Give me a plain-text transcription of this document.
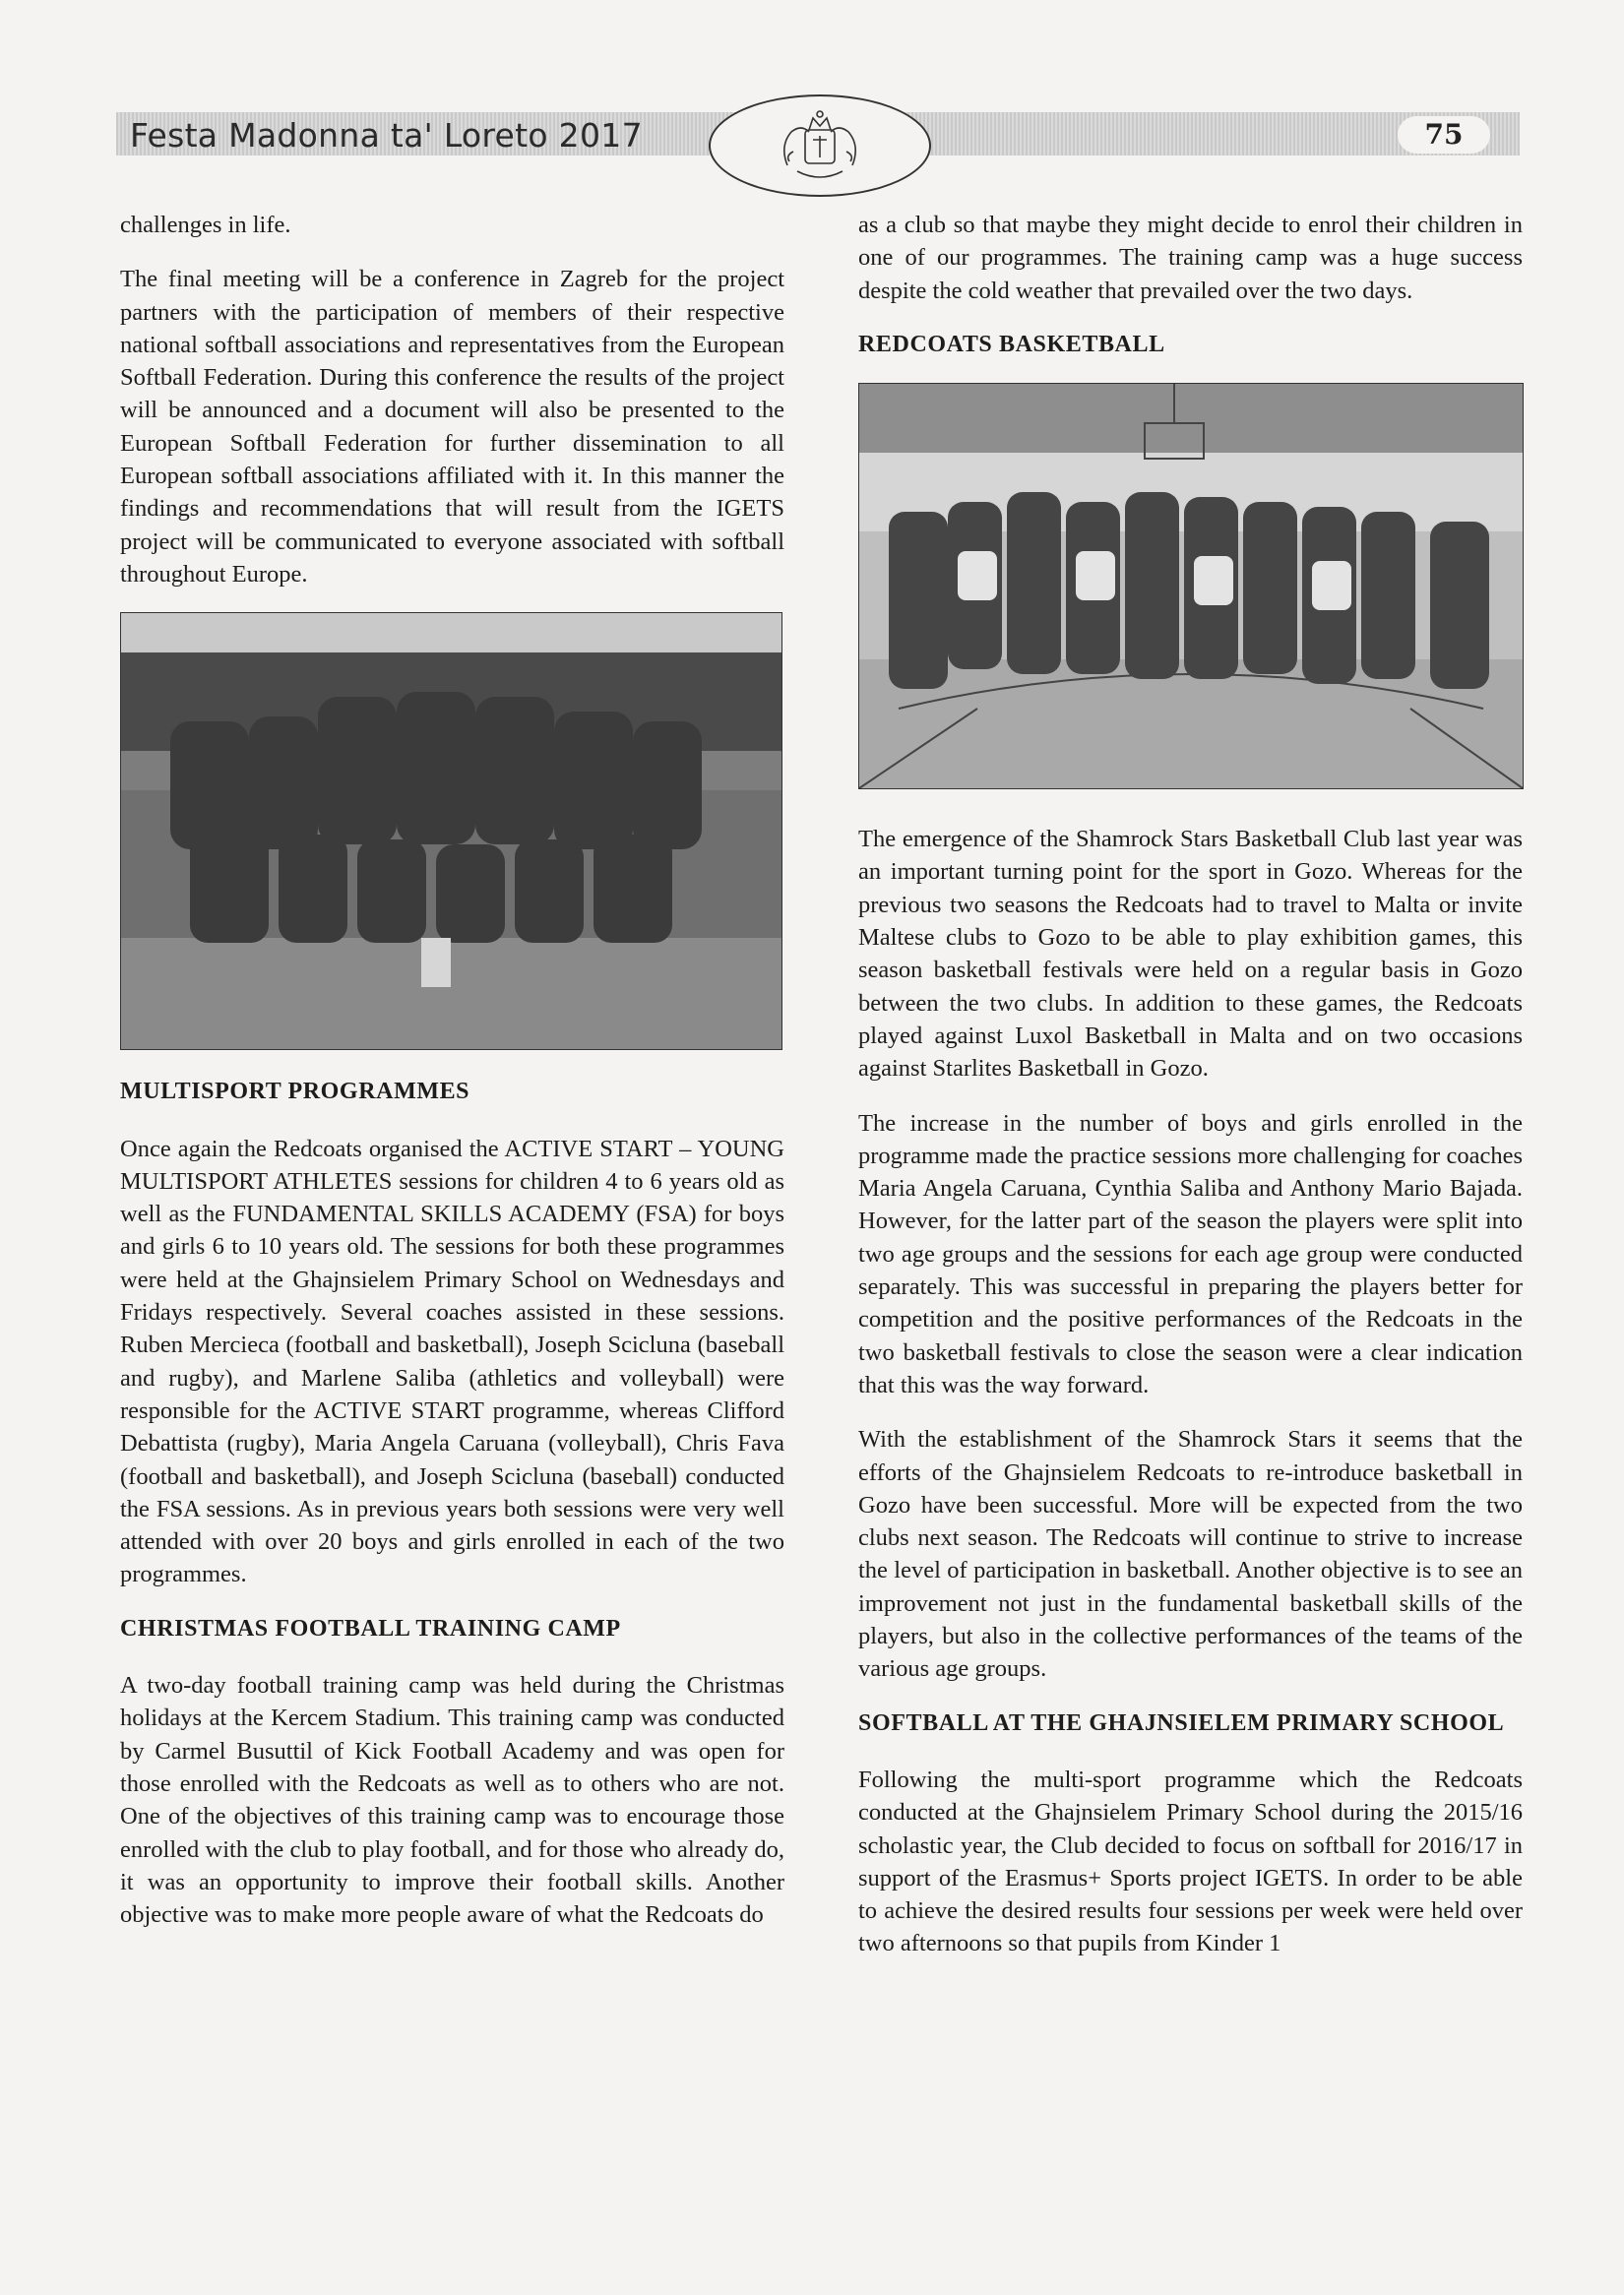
Festa Madonna ta' Loreto 2017	75

challenges in life.

The final meeting will be a conference in Zagreb for the project partners with the participation of members of their respective national softball associations and representatives from the European Softball Federation. During this conference the results of the project will be announced and a document will also be presented to the European Softball Federation for further dissemination to all European softball associations affiliated with it. In this manner the findings and recommendations that will result from the IGETS project will be communicated to everyone associated with softball throughout Europe.

MULTISPORT PROGRAMMES

Once again the Redcoats organised the ACTIVE START – YOUNG MULTISPORT ATHLETES sessions for children 4 to 6 years old as well as the FUNDAMENTAL SKILLS ACADEMY (FSA) for boys and girls 6 to 10 years old. The sessions for both these programmes were held at the Ghajnsielem Primary School on Wednesdays and Fridays respectively. Several coaches assisted in these sessions. Ruben Mercieca (football and basketball), Joseph Scicluna (baseball and rugby), and Marlene Saliba (athletics and volleyball) were responsible for the ACTIVE START programme, whereas Clifford Debattista (rugby), Maria Angela Caruana (volleyball), Chris Fava (football and basketball), and Joseph Scicluna (baseball) conducted the FSA sessions. As in previous years both sessions were very well attended with over 20 boys and girls enrolled in each of the two programmes.

CHRISTMAS FOOTBALL TRAINING CAMP

A two-day football training camp was held during the Christmas holidays at the Kercem Stadium. This training camp was conducted by Carmel Busuttil of Kick Football Academy and was open for those enrolled with the Redcoats as well as to others who are not. One of the objectives of this training camp was to encourage those enrolled with the club to play football, and for those who already do, it was an opportunity to improve their football skills. Another objective was to make more people aware of what the Redcoats do

as a club so that maybe they might decide to enrol their children in one of our programmes. The training camp was a huge success despite the cold weather that prevailed over the two days.

REDCOATS BASKETBALL

The emergence of the Shamrock Stars Basketball Club last year was an important turning point for the sport in Gozo. Whereas for the previous two seasons the Redcoats had to travel to Malta or invite Maltese clubs to Gozo to be able to play exhibition games, this season basketball festivals were held on a regular basis in Gozo between the two clubs. In addition to these games, the Redcoats played against Luxol Basketball in Malta and on two occasions against Starlites Basketball in Gozo.

The increase in the number of boys and girls enrolled in the programme made the practice sessions more challenging for coaches Maria Angela Caruana, Cynthia Saliba and Anthony Mario Bajada. However, for the latter part of the season the players were split into two age groups and the sessions for each age group were conducted separately. This was successful in preparing the players better for competition and the positive performances of the Redcoats in the two basketball festivals to close the season were a clear indication that this was the way forward.

With the establishment of the Shamrock Stars it seems that the efforts of the Ghajnsielem Redcoats to re-introduce basketball in Gozo have been successful. More will be expected from the two clubs next season. The Redcoats will continue to strive to increase the level of participation in basketball. Another objective is to see an improvement not just in the fundamental basketball skills of the players, but also in the collective performances of the teams of the various age groups.

SOFTBALL AT THE GHAJNSIELEM PRIMARY SCHOOL

Following the multi-sport programme which the Redcoats conducted at the Ghajnsielem Primary School during the 2015/16 scholastic year, the Club decided to focus on softball for 2016/17 in support of the Erasmus+ Sports project IGETS. In order to be able to achieve the desired results four sessions per week were held over two afternoons so that pupils from Kinder 1
